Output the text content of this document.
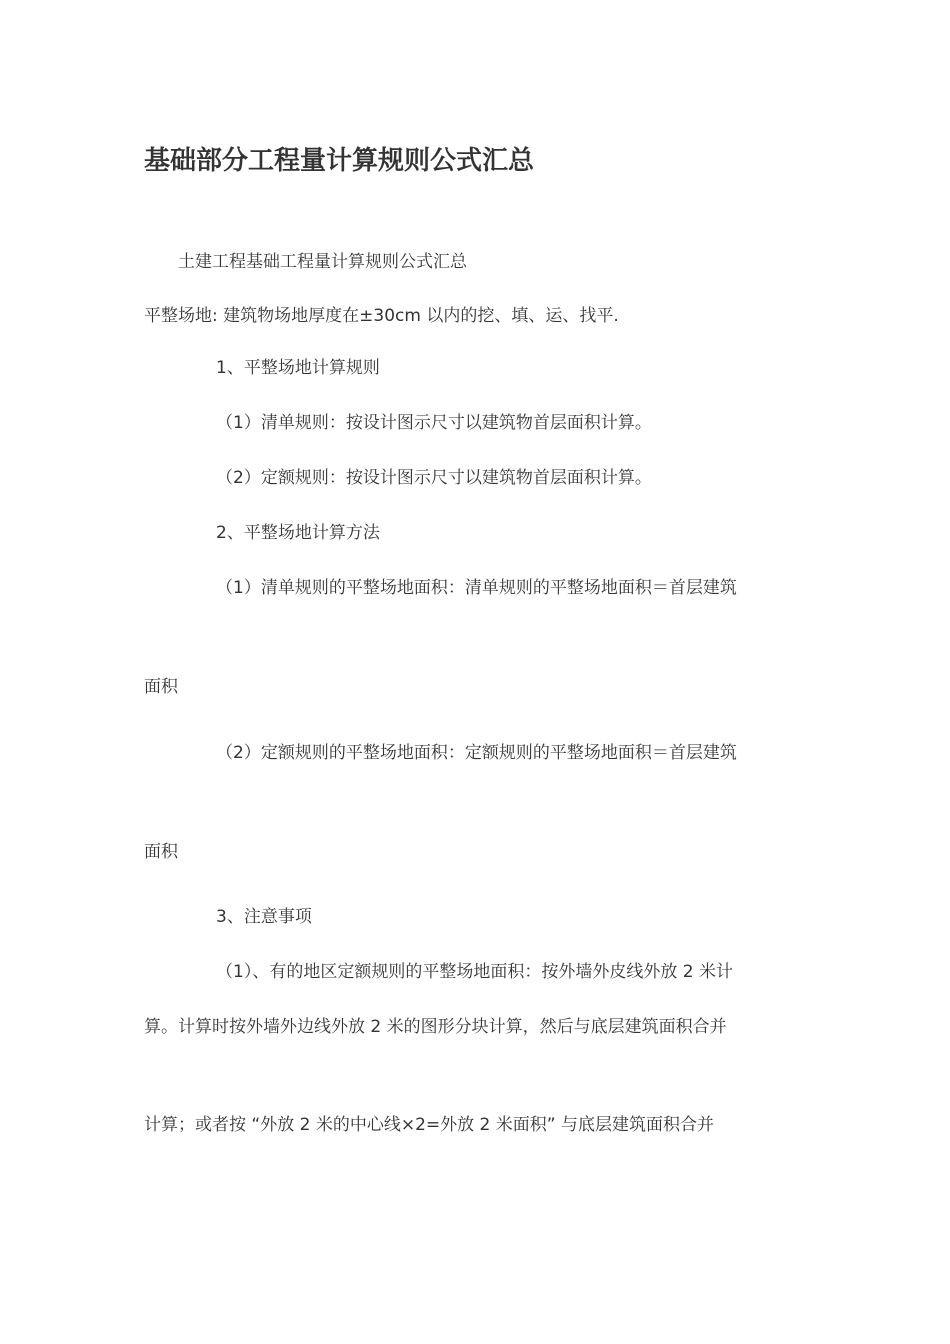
基础部分工程量计算规则公式汇总
土建工程基础工程量计算规则公式汇总
平整场地: 建筑物场地厚度在±30cm 以内的挖、填、运、找平.
1、平整场地计算规则
（1）清单规则：按设计图示尺寸以建筑物首层面积计算。
（2）定额规则：按设计图示尺寸以建筑物首层面积计算。
2、平整场地计算方法
（1）清单规则的平整场地面积：清单规则的平整场地面积＝首层建筑
面积
（2）定额规则的平整场地面积：定额规则的平整场地面积＝首层建筑
面积
3、注意事项
（1）、有的地区定额规则的平整场地面积：按外墙外皮线外放 2 米计
算。计算时按外墙外边线外放 2 米的图形分块计算，然后与底层建筑面积合并
计算；或者按 “外放 2 米的中心线×2=外放 2 米面积” 与底层建筑面积合并
